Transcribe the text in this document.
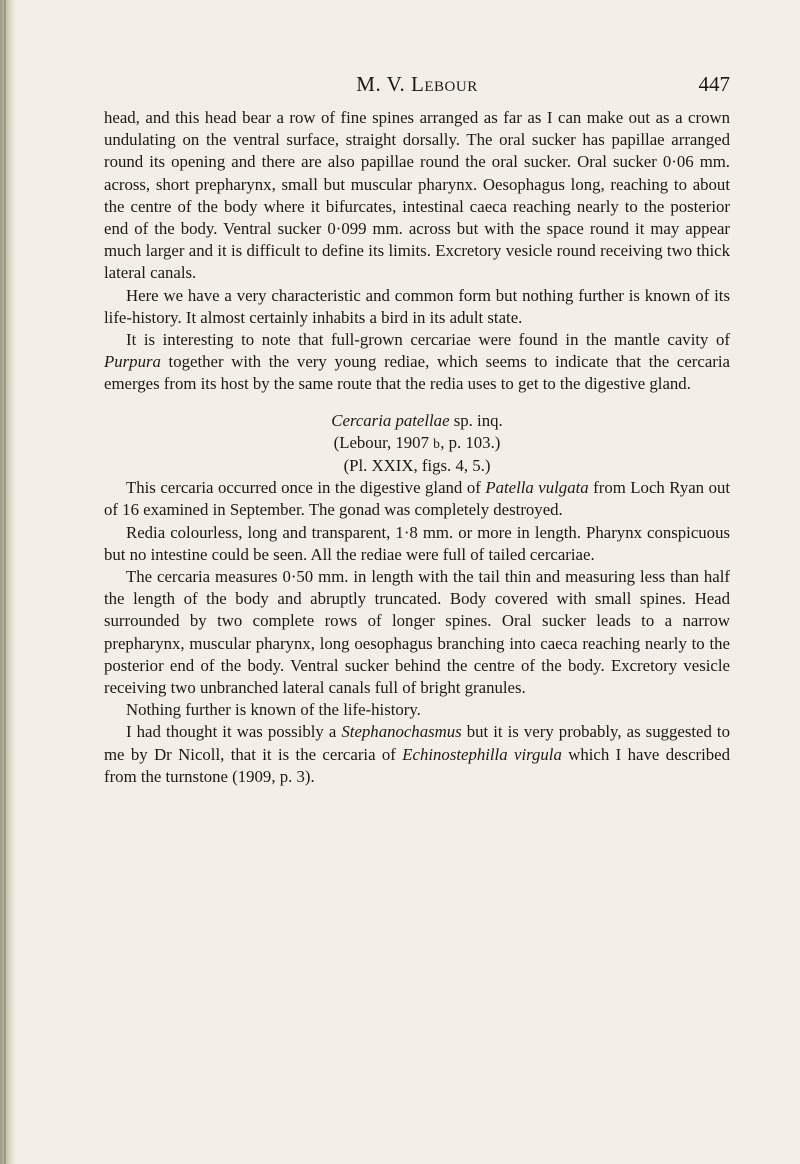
M. V. Lebour	447

head, and this head bear a row of fine spines arranged as far as I can make out as a crown undulating on the ventral surface, straight dorsally. The oral sucker has papillae arranged round its opening and there are also papillae round the oral sucker. Oral sucker 0·06 mm. across, short prepharynx, small but muscular pharynx. Oesophagus long, reaching to about the centre of the body where it bifurcates, intestinal caeca reaching nearly to the posterior end of the body. Ventral sucker 0·099 mm. across but with the space round it may appear much larger and it is difficult to define its limits. Excretory vesicle round receiving two thick lateral canals.

Here we have a very characteristic and common form but nothing further is known of its life-history. It almost certainly inhabits a bird in its adult state.

It is interesting to note that full-grown cercariae were found in the mantle cavity of Purpura together with the very young rediae, which seems to indicate that the cercaria emerges from its host by the same route that the redia uses to get to the digestive gland.

Cercaria patellae sp. inq.
(Lebour, 1907 b, p. 103.)
(Pl. XXIX, figs. 4, 5.)

This cercaria occurred once in the digestive gland of Patella vulgata from Loch Ryan out of 16 examined in September. The gonad was completely destroyed.

Redia colourless, long and transparent, 1·8 mm. or more in length. Pharynx conspicuous but no intestine could be seen. All the rediae were full of tailed cercariae.

The cercaria measures 0·50 mm. in length with the tail thin and measuring less than half the length of the body and abruptly truncated. Body covered with small spines. Head surrounded by two complete rows of longer spines. Oral sucker leads to a narrow prepharynx, muscular pharynx, long oesophagus branching into caeca reaching nearly to the posterior end of the body. Ventral sucker behind the centre of the body. Excretory vesicle receiving two unbranched lateral canals full of bright granules.

Nothing further is known of the life-history.

I had thought it was possibly a Stephanochasmus but it is very probably, as suggested to me by Dr Nicoll, that it is the cercaria of Echinostephilla virgula which I have described from the turnstone (1909, p. 3).
